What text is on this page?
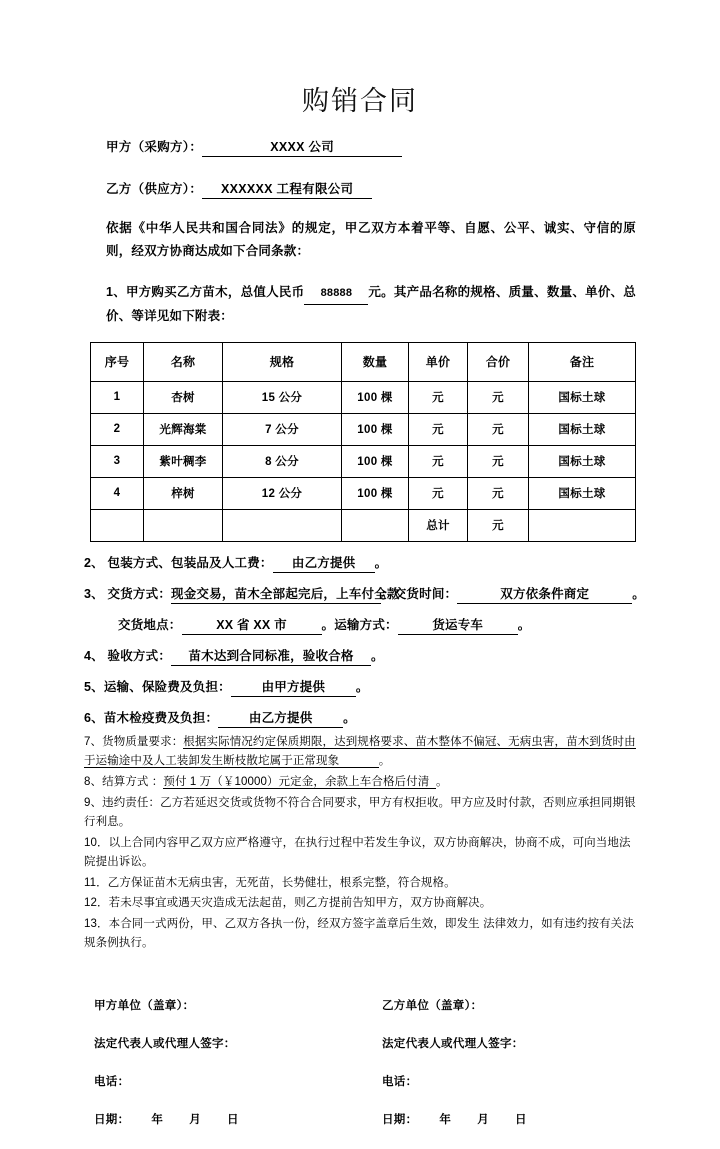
购销合同
甲方（采购方）：	XXXX 公司
乙方（供应方）： XXXXXX 工程有限公司
依据《中华人民共和国合同法》的规定，甲乙双方本着平等、自愿、公平、诚实、守信的原则，经双方协商达成如下合同条款：
1、甲方购买乙方苗木，总值人民币 88888 元。其产品名称的规格、质量、数量、单价、总价、等详见如下附表：
序号	名称	规格	数量	单价	合价	备注
1	杏树	15 公分	100 棵	元	元	国标土球
2	光辉海棠	7 公分	100 棵	元	元	国标土球
3	紫叶稠李	8 公分	100 棵	元	元	国标土球
4	梓树	12 公分	100 棵	元	元	国标土球
				总计	元	
2、 包装方式、包装品及人工费： 由乙方提供 。
3、 交货方式：现金交易，苗木全部起完后，上车付全款。交货时间：	双方依条件商定	。
交货地点：	XX 省 XX 市	。运输方式：	货运专车	。
4、 验收方式： 苗木达到合同标准，验收合格 。
5、运输、保险费及负担： 由甲方提供 。
6、苗木检疫费及负担： 由乙方提供 。
7、货物质量要求：根据实际情况约定保质期限，达到规格要求、苗木整体不偏冠、无病虫害，苗木到货时由于运输途中及人工装卸发生断枝散坨属于正常现象	。
8、结算方式 ：预付 1 万（￥10000）元定金，余款上车合格后付清 。
9、违约责任：乙方若延迟交货或货物不符合合同要求，甲方有权拒收。甲方应及时付款，否则应承担同期银行利息。
10．以上合同内容甲乙双方应严格遵守，在执行过程中若发生争议，双方协商解决，协商不成，可向当地法院提出诉讼。
11．乙方保证苗木无病虫害，无死苗，长势健壮，根系完整，符合规格。
12．若未尽事宜或遇天灾造成无法起苗，则乙方提前告知甲方，双方协商解决。
13．本合同一式两份，甲、乙双方各执一份，经双方签字盖章后生效，即发生 法律效力，如有违约按有关法规条例执行。
甲方单位（盖章）：
法定代表人或代理人签字：
电话：
日期： 年 月 日
乙方单位（盖章）：
法定代表人或代理人签字：
电话：
日期： 年 月 日
